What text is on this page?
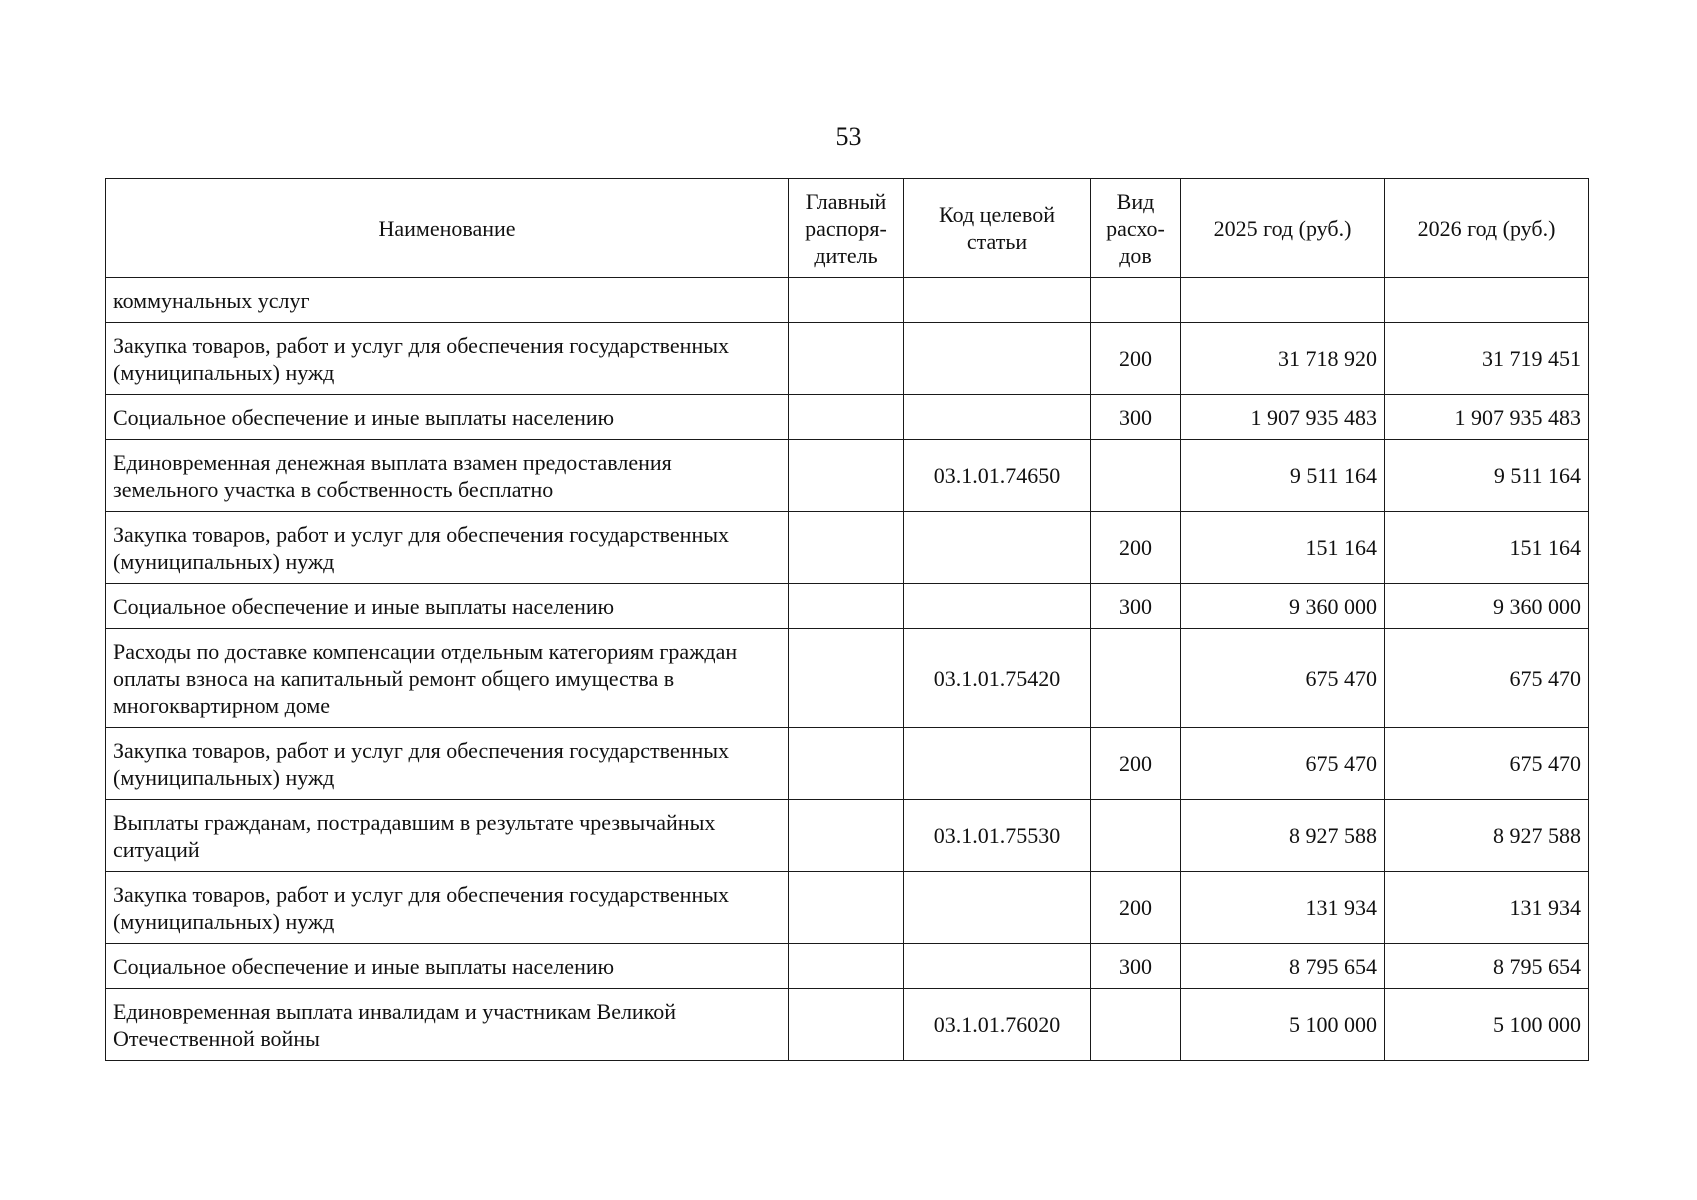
53
Наименование	Главный распоря-дитель	Код целевой статьи	Вид расхо-дов	2025 год (руб.)	2026 год (руб.)
коммунальных услуг					
Закупка товаров, работ и услуг для обеспечения государственных (муниципальных) нужд			200	31 718 920	31 719 451
Социальное обеспечение и иные выплаты населению			300	1 907 935 483	1 907 935 483
Единовременная денежная выплата взамен предоставления земельного участка в собственность бесплатно		03.1.01.74650		9 511 164	9 511 164
Закупка товаров, работ и услуг для обеспечения государственных (муниципальных) нужд			200	151 164	151 164
Социальное обеспечение и иные выплаты населению			300	9 360 000	9 360 000
Расходы по доставке компенсации отдельным категориям граждан оплаты взноса на капитальный ремонт общего имущества в многоквартирном доме		03.1.01.75420		675 470	675 470
Закупка товаров, работ и услуг для обеспечения государственных (муниципальных) нужд			200	675 470	675 470
Выплаты гражданам, пострадавшим в результате чрезвычайных ситуаций		03.1.01.75530		8 927 588	8 927 588
Закупка товаров, работ и услуг для обеспечения государственных (муниципальных) нужд			200	131 934	131 934
Социальное обеспечение и иные выплаты населению			300	8 795 654	8 795 654
Единовременная выплата инвалидам и участникам Великой Отечественной войны		03.1.01.76020		5 100 000	5 100 000
